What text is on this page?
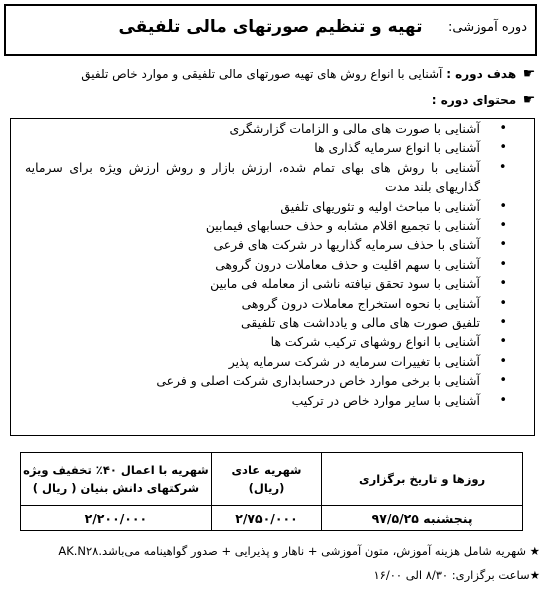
دوره آموزشی:
تهیه و تنظیم صورتهای مالی تلفیقی
☛ هدف دوره : آشنایی با انواع روش های تهیه صورتهای مالی تلفیقی و موارد خاص تلفیق
☛ محتوای دوره :
• آشنایی با صورت های مالی و الزامات گزارشگری
• آشنایی با انواع سرمایه گذاری ها
• آشنایی با روش های بهای تمام شده، ارزش بازار و روش ارزش ویژه برای سرمایه گذاریهای بلند مدت
• آشنایی با مباحث اولیه و تئوریهای تلفیق
• آشنایی با تجمیع اقلام مشابه و حذف حسابهای فیمابین
• آشنای با حذف سرمایه گذاریها در شرکت های فرعی
• آشنایی با سهم اقلیت و حذف معاملات درون گروهی
• آشنایی با سود تحقق نیافته ناشی از معامله فی مابین
• آشنایی با نحوه استخراج معاملات درون گروهی
• تلفیق صورت های مالی و یادداشت های تلفیقی
• آشنایی با انواع روشهای ترکیب شرکت ها
• آشنایی با تغییرات سرمایه در شرکت سرمایه پذیر
• آشنایی با برخی موارد خاص درحسابداری شرکت اصلی و فرعی
• آشنایی با سایر موارد خاص در ترکیب
روزها و تاریخ برگزاری	شهریه عادی (ریال)	شهریه با اعمال ۴۰٪ تخفیف ویژه شرکتهای دانش بنیان ( ریال )
پنجشنبه ۹۷/۵/۲۵	۲/۷۵۰/۰۰۰	۲/۲۰۰/۰۰۰
★ شهریه شامل هزینه آموزش، متون آموزشی + ناهار و پذیرایی + صدور گواهینامه می‌باشد.AK.N۲۸
★ساعت برگزاری: ۸/۳۰ الی ۱۶/۰۰
